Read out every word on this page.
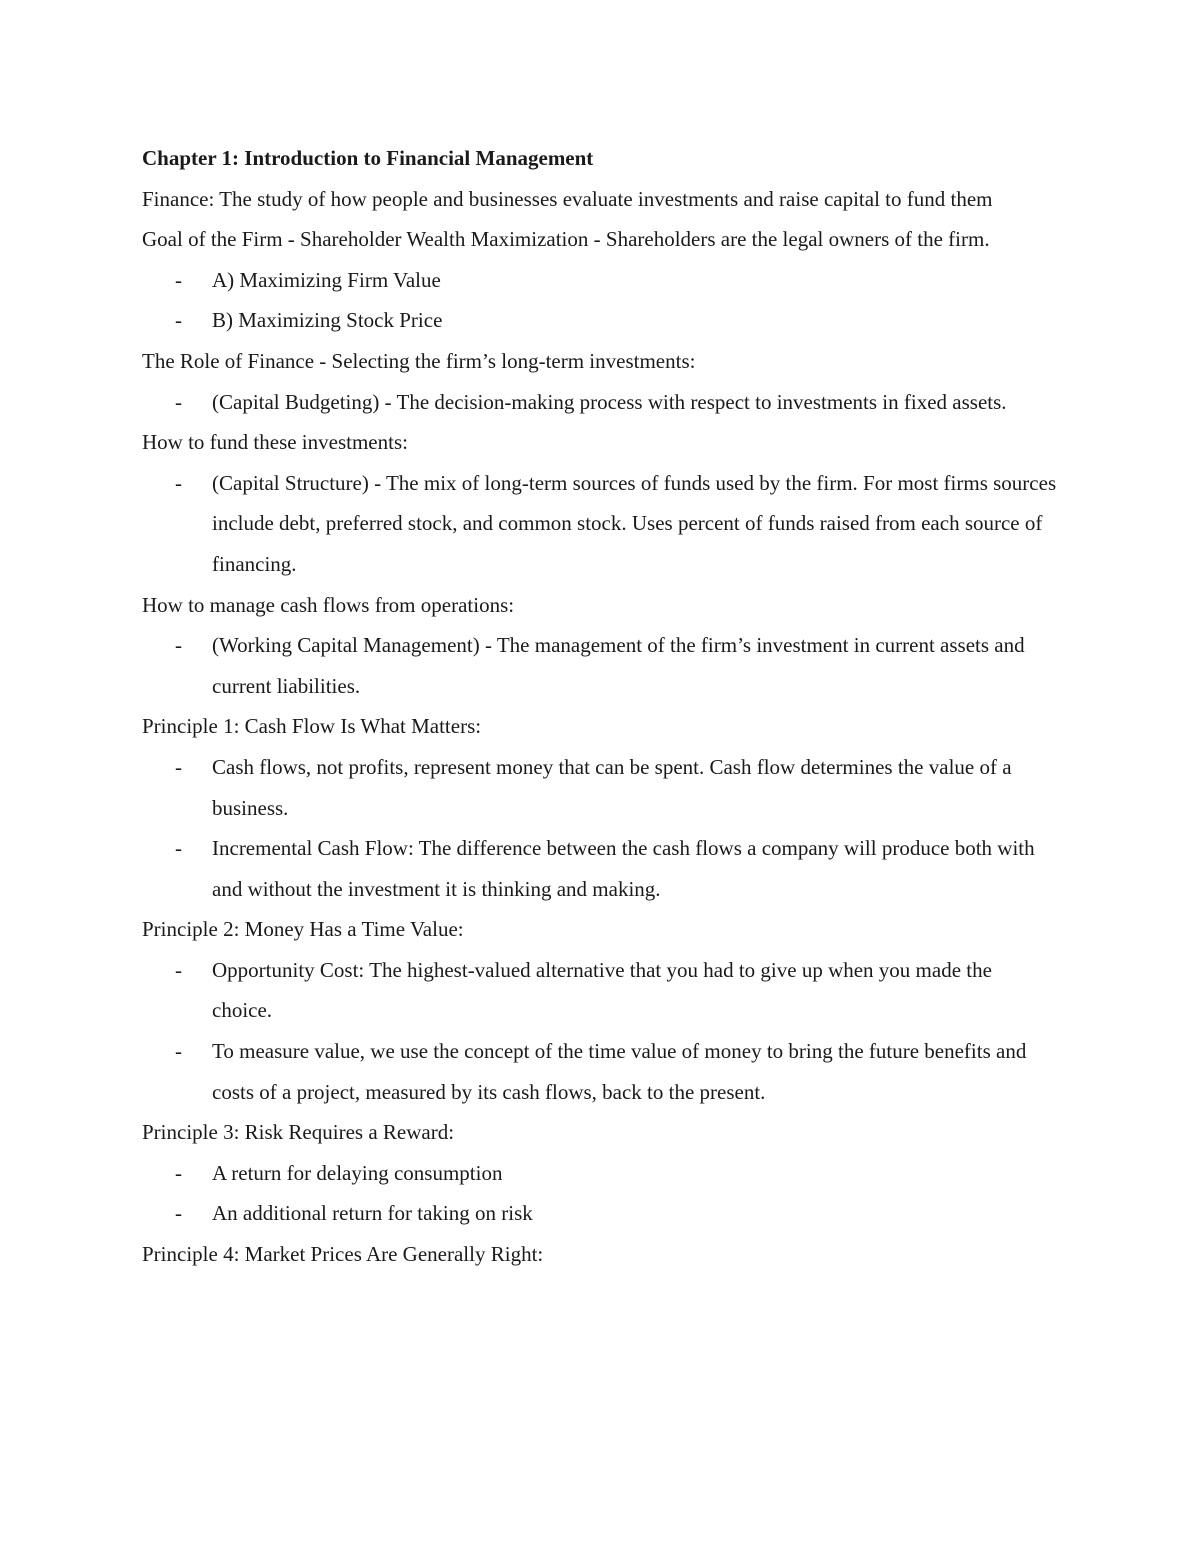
Chapter 1: Introduction to Financial Management

Finance: The study of how people and businesses evaluate investments and raise capital to fund them

Goal of the Firm - Shareholder Wealth Maximization - Shareholders are the legal owners of the firm.

- A) Maximizing Firm Value
- B) Maximizing Stock Price

The Role of Finance - Selecting the firm’s long-term investments:

- (Capital Budgeting) - The decision-making process with respect to investments in fixed assets.

How to fund these investments:

- (Capital Structure) - The mix of long-term sources of funds used by the firm. For most firms sources include debt, preferred stock, and common stock. Uses percent of funds raised from each source of financing.

How to manage cash flows from operations:

- (Working Capital Management) - The management of the firm’s investment in current assets and current liabilities.

Principle 1: Cash Flow Is What Matters:

- Cash flows, not profits, represent money that can be spent. Cash flow determines the value of a business.
- Incremental Cash Flow: The difference between the cash flows a company will produce both with and without the investment it is thinking and making.

Principle 2: Money Has a Time Value:

- Opportunity Cost: The highest-valued alternative that you had to give up when you made the choice.
- To measure value, we use the concept of the time value of money to bring the future benefits and costs of a project, measured by its cash flows, back to the present.

Principle 3: Risk Requires a Reward:

- A return for delaying consumption
- An additional return for taking on risk

Principle 4: Market Prices Are Generally Right:
